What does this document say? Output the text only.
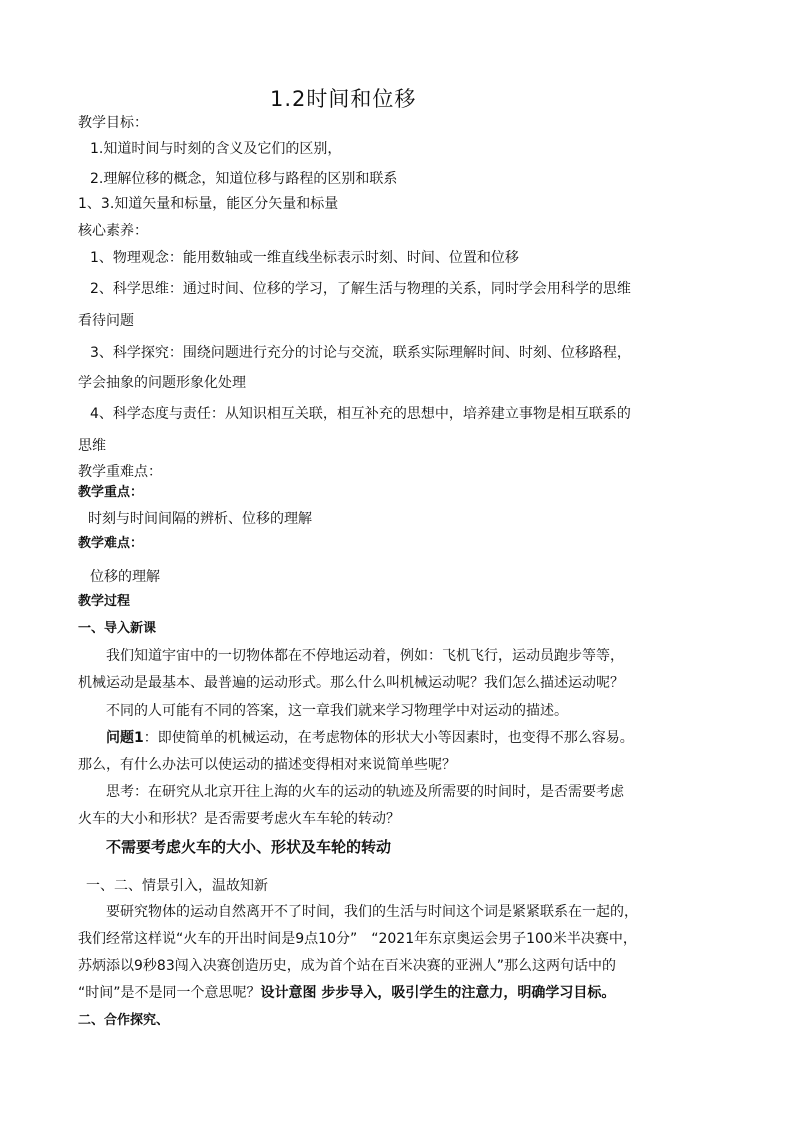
1.2时间和位移
教学目标：
1.知道时间与时刻的含义及它们的区别，
2.理解位移的概念，知道位移与路程的区别和联系
1、3.知道矢量和标量，能区分矢量和标量
核心素养：
1、物理观念：能用数轴或一维直线坐标表示时刻、时间、位置和位移
2、科学思维：通过时间、位移的学习，了解生活与物理的关系，同时学会用科学的思维
看待问题
3、科学探究：围绕问题进行充分的讨论与交流，联系实际理解时间、时刻、位移路程，
学会抽象的问题形象化处理
4、科学态度与责任：从知识相互关联，相互补充的思想中，培养建立事物是相互联系的
思维
教学重难点：
教学重点：
时刻与时间间隔的辨析、位移的理解
教学难点：
位移的理解
教学过程
一、导入新课
我们知道宇宙中的一切物体都在不停地运动着，例如：飞机飞行，运动员跑步等等，
机械运动是最基本、最普遍的运动形式。那么什么叫机械运动呢？我们怎么描述运动呢？
不同的人可能有不同的答案，这一章我们就来学习物理学中对运动的描述。
问题1：即使简单的机械运动，在考虑物体的形状大小等因素时，也变得不那么容易。
那么，有什么办法可以使运动的描述变得相对来说简单些呢？
思考：在研究从北京开往上海的火车的运动的轨迹及所需要的时间时，是否需要考虑
火车的大小和形状？是否需要考虑火车车轮的转动？
不需要考虑火车的大小、形状及车轮的转动
一、二、情景引入，温故知新
要研究物体的运动自然离开不了时间，我们的生活与时间这个词是紧紧联系在一起的，
我们经常这样说“火车的开出时间是9点10分”　“2021年东京奥运会男子100米半决赛中，
苏炳添以9秒83闯入决赛创造历史，成为首个站在百米决赛的亚洲人”那么这两句话中的
“时间”是不是同一个意思呢？设计意图 步步导入，吸引学生的注意力，明确学习目标。
二、合作探究、
